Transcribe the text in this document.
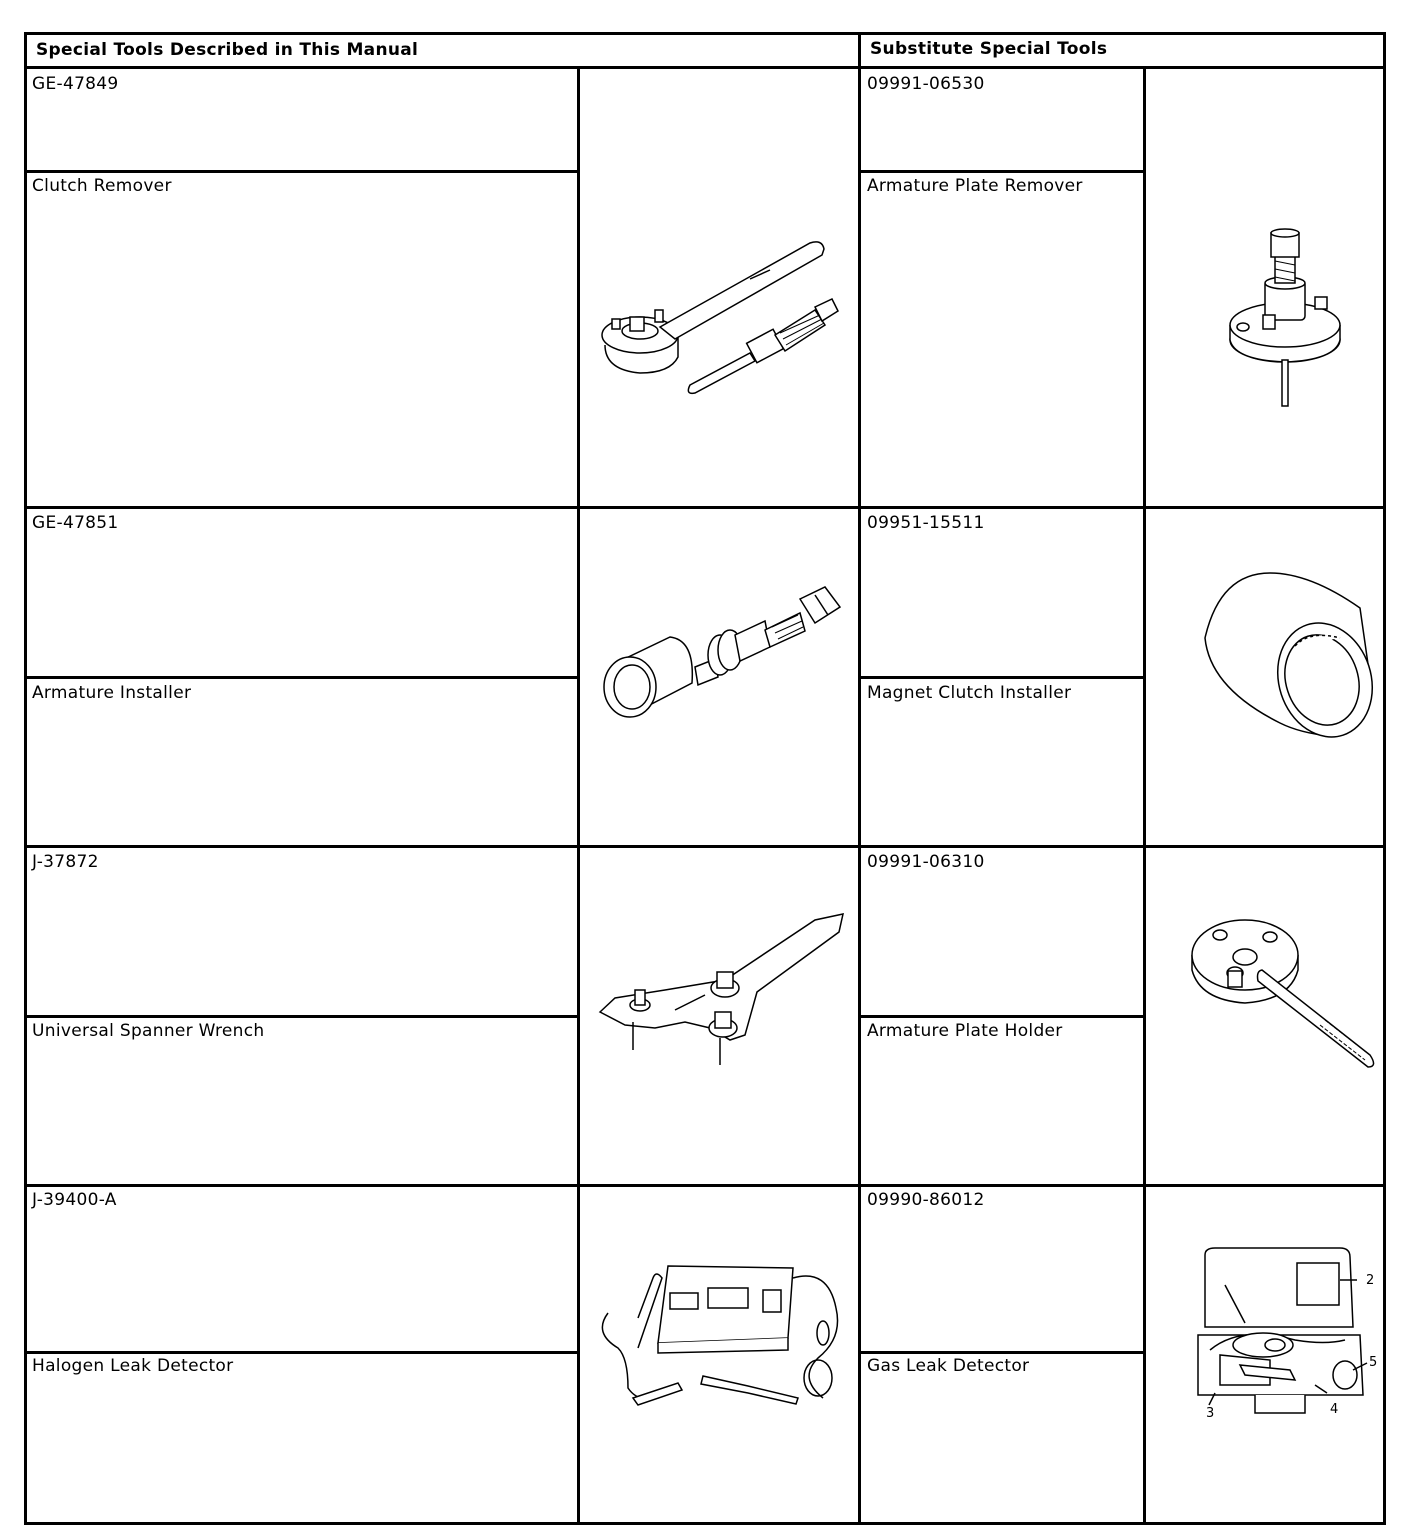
Special Tools Described in This Manual	Substitute Special Tools
GE-47849
Clutch Remover
09991-06530
Armature Plate Remover
GE-47851
Armature Installer
09951-15511
Magnet Clutch Installer
J-37872
Universal Spanner Wrench
09991-06310
Armature Plate Holder
J-39400-A
Halogen Leak Detector
09990-86012
Gas Leak Detector
2
3	4
5
